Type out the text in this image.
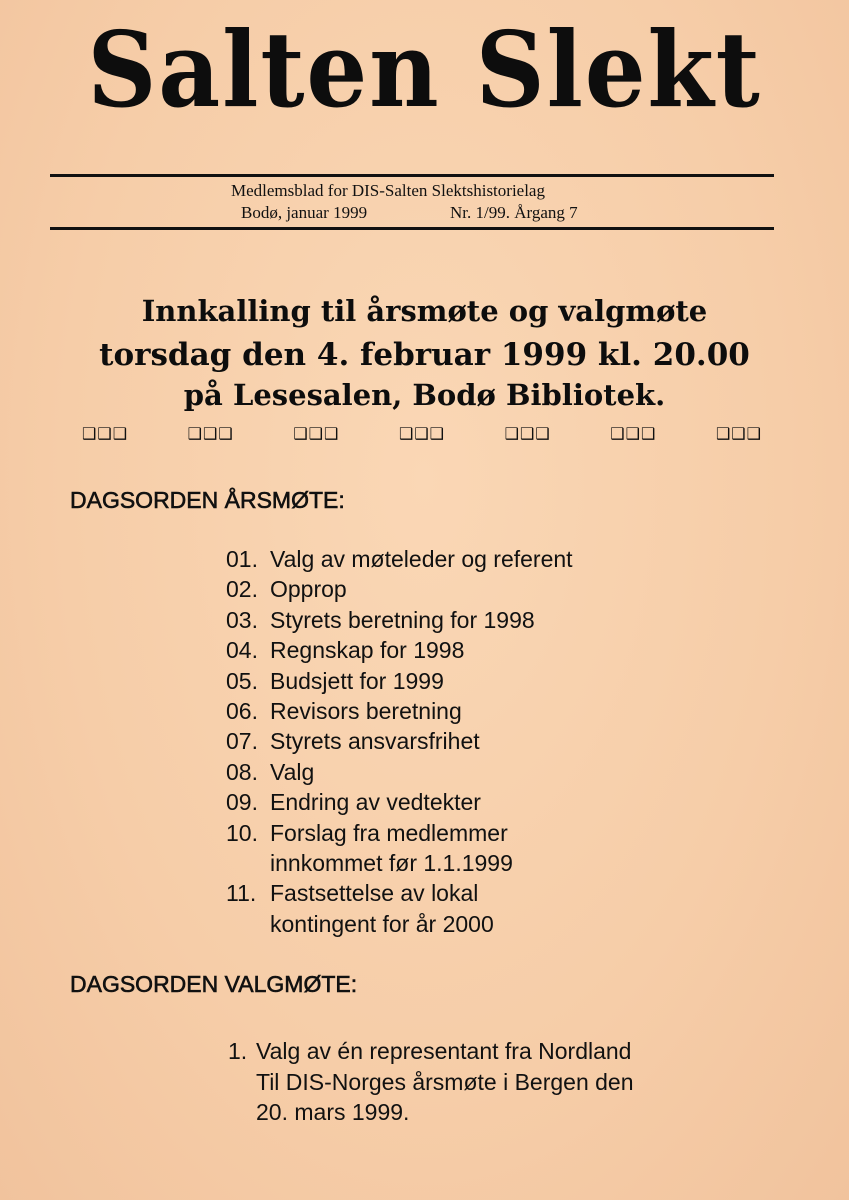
Salten Slekt
Medlemsblad for DIS-Salten Slektshistorielag
Bodø, januar 1999	Nr. 1/99. Årgang 7
Innkalling til årsmøte og valgmøte
torsdag den 4. februar 1999 kl. 20.00
på Lesesalen, Bodø Bibliotek.
❑❑❑	❑❑❑	❑❑❑	❑❑❑	❑❑❑	❑❑❑	❑❑❑
DAGSORDEN ÅRSMØTE:
01. Valg av møteleder og referent
02. Opprop
03. Styrets beretning for 1998
04. Regnskap for 1998
05. Budsjett for 1999
06. Revisors beretning
07. Styrets ansvarsfrihet
08. Valg
09. Endring av vedtekter
10. Forslag fra medlemmer
innkommet før 1.1.1999
11. Fastsettelse av lokal
kontingent for år 2000
DAGSORDEN VALGMØTE:
1. Valg av én representant fra Nordland
Til DIS-Norges årsmøte i Bergen den
20. mars 1999.
